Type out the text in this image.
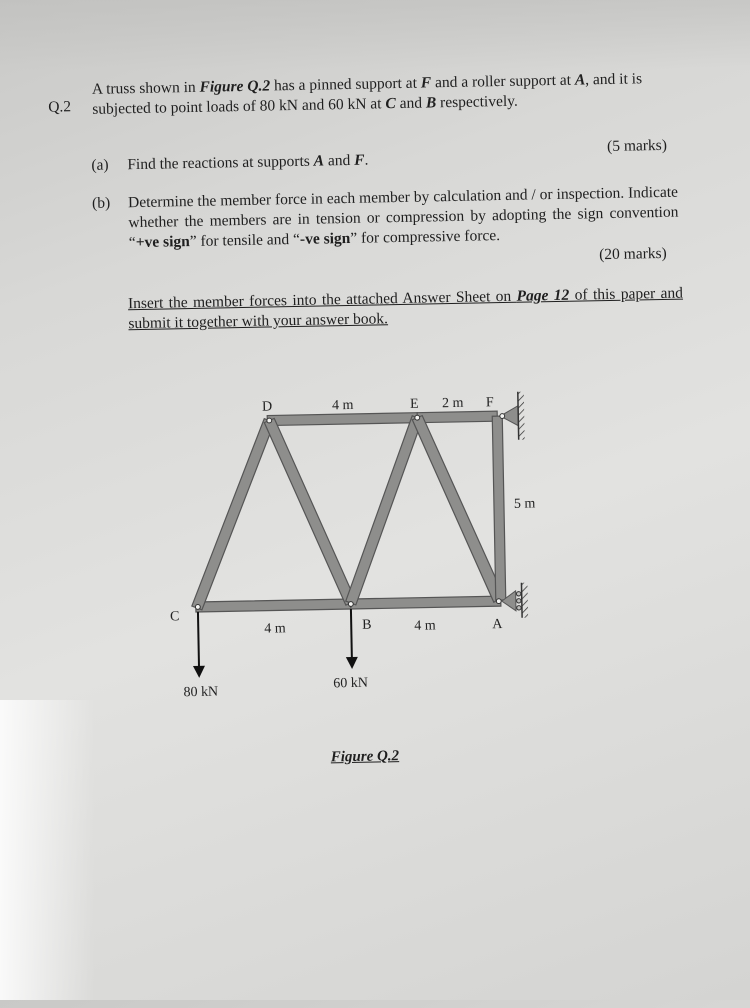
Q.2
A truss shown in Figure Q.2 has a pinned support at F and a roller support at A, and it is subjected to point loads of 80 kN and 60 kN at C and B respectively.
(a) Find the reactions at supports A and F.
(5 marks)
(b) Determine the member force in each member by calculation and / or inspection. Indicate whether the members are in tension or compression by adopting the sign convention “+ve sign” for tensile and “-ve sign” for compressive force.
(20 marks)
Insert the member forces into the attached Answer Sheet on Page 12 of this paper and submit it together with your answer book.
D	4 m	E 2 m F
5 m
C
4 m	B	4 m	A
80 kN
60 kN
Figure Q.2
